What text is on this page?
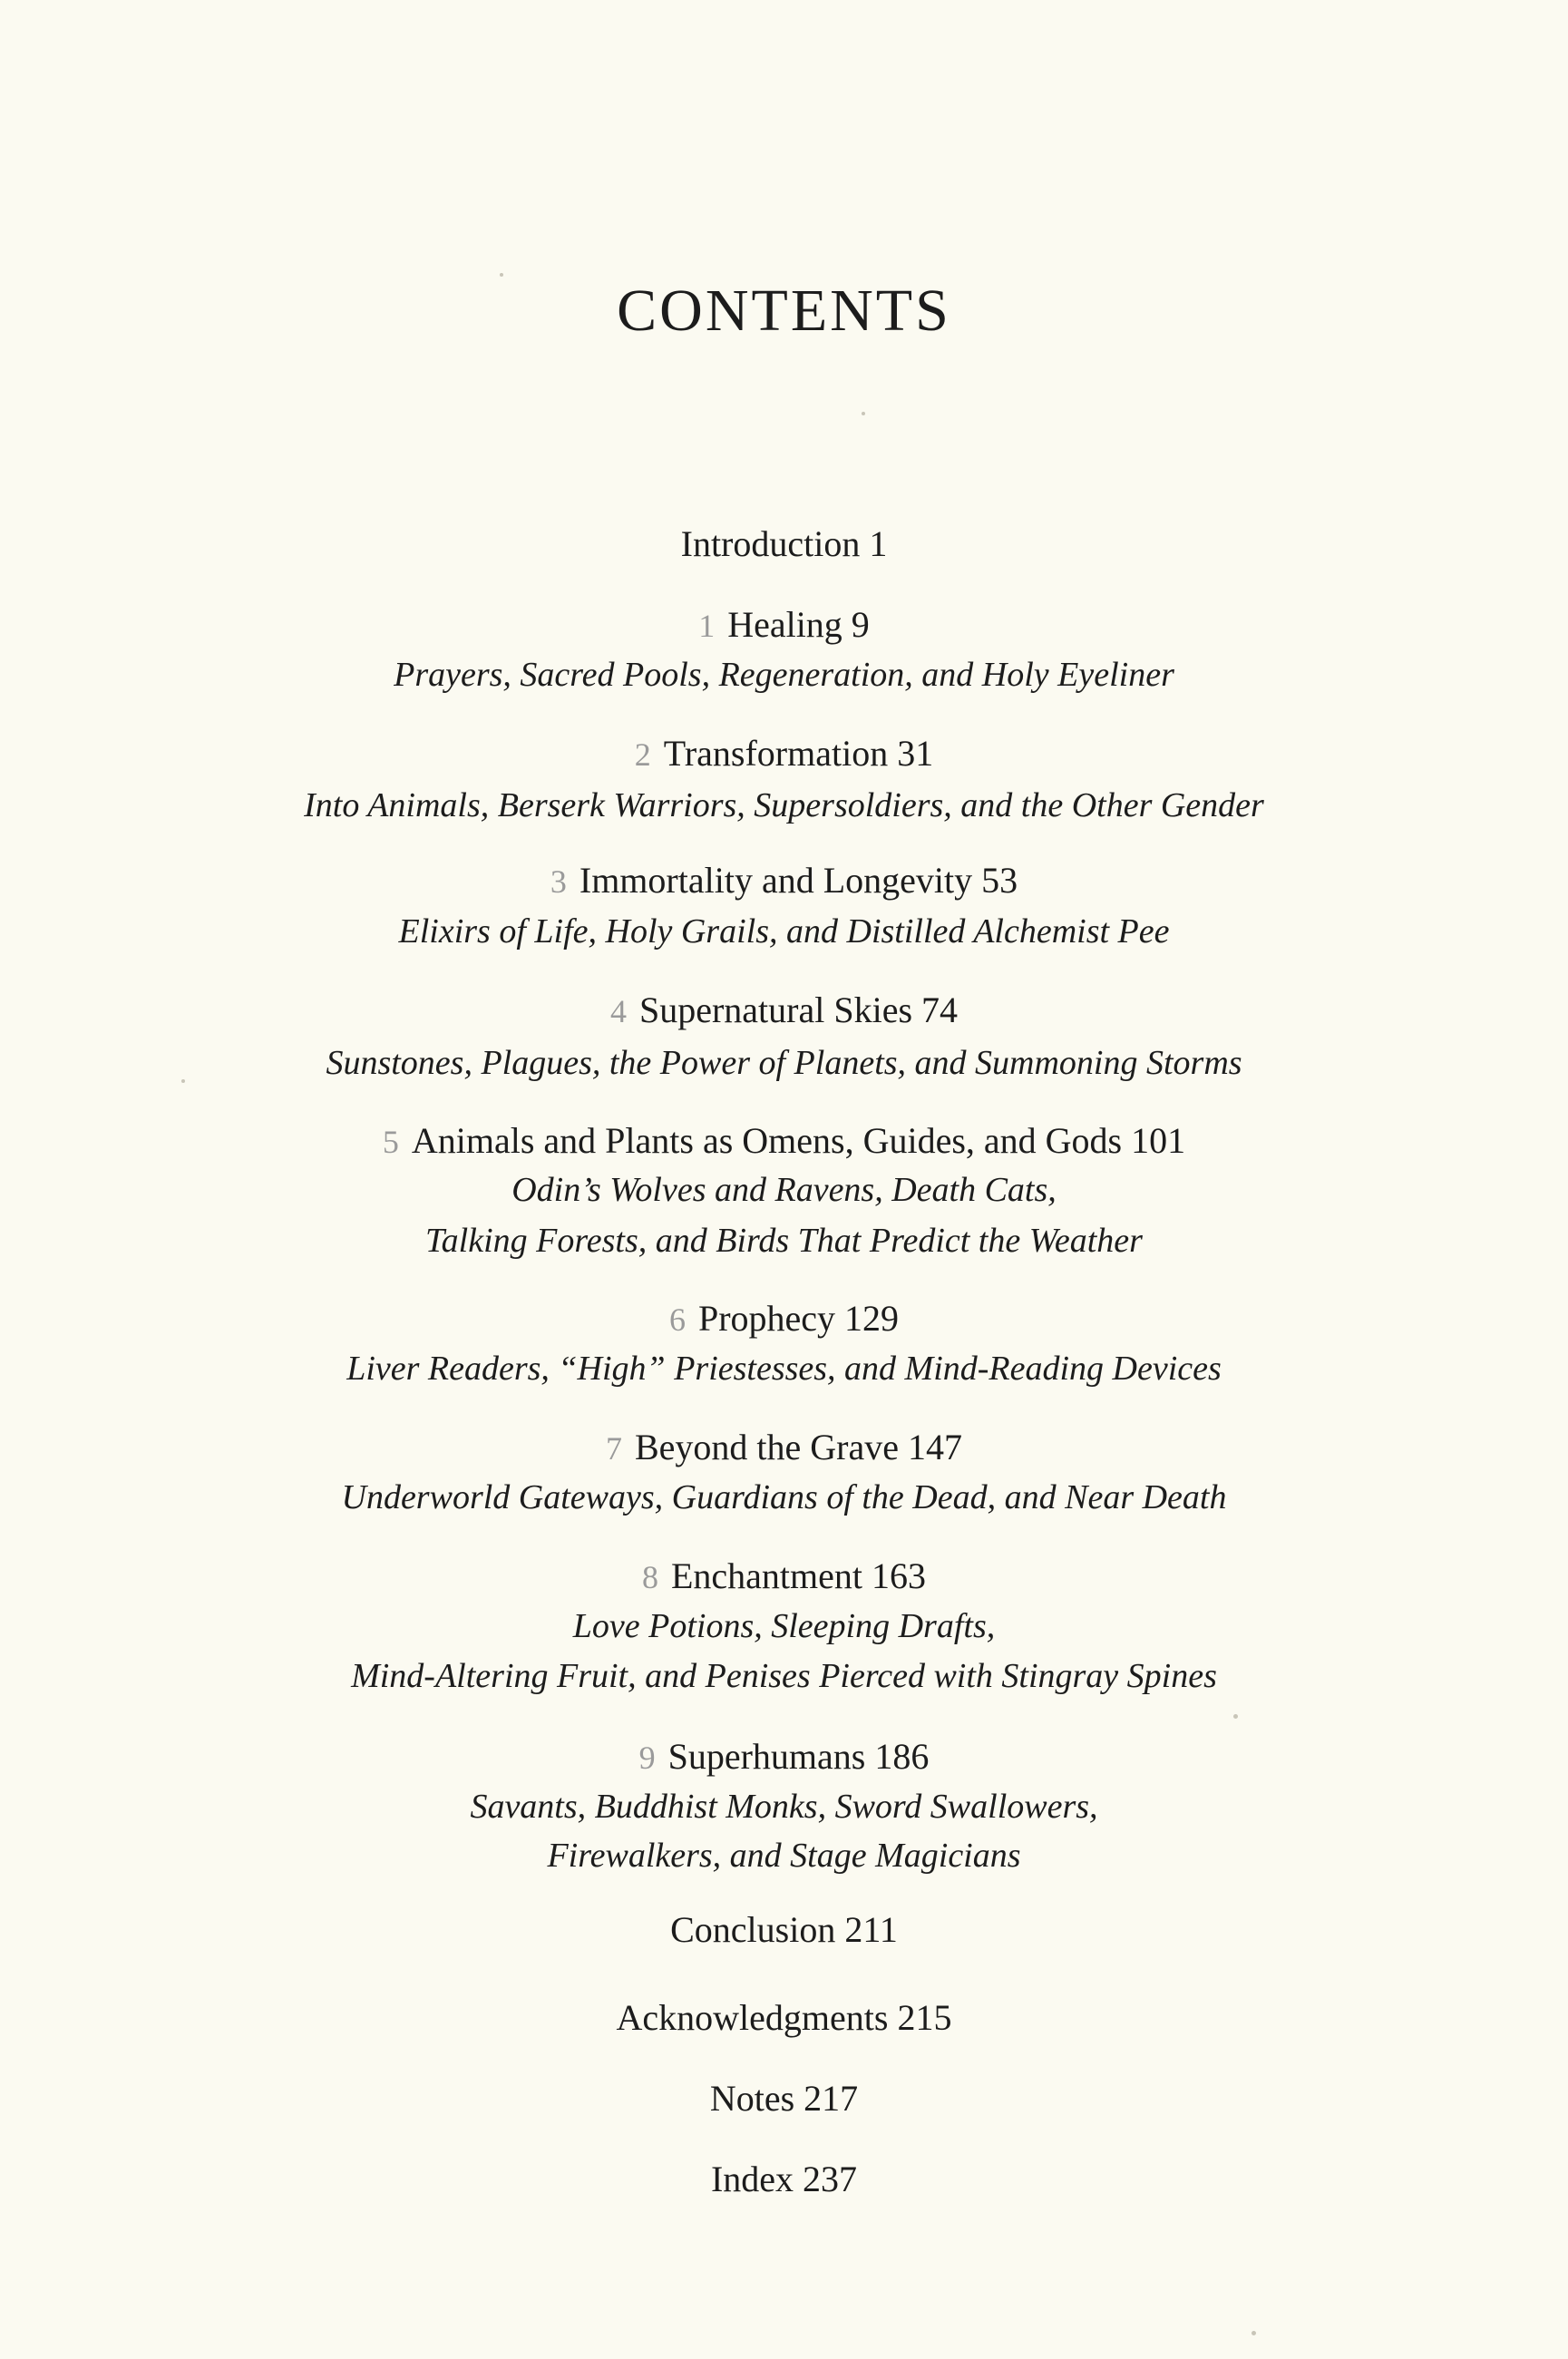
CONTENTS
Introduction 1
1 Healing 9
Prayers, Sacred Pools, Regeneration, and Holy Eyeliner
2 Transformation 31
Into Animals, Berserk Warriors, Supersoldiers, and the Other Gender
3 Immortality and Longevity 53
Elixirs of Life, Holy Grails, and Distilled Alchemist Pee
4 Supernatural Skies 74
Sunstones, Plagues, the Power of Planets, and Summoning Storms
5 Animals and Plants as Omens, Guides, and Gods 101
Odin’s Wolves and Ravens, Death Cats,
Talking Forests, and Birds That Predict the Weather
6 Prophecy 129
Liver Readers, “High” Priestesses, and Mind-Reading Devices
7 Beyond the Grave 147
Underworld Gateways, Guardians of the Dead, and Near Death
8 Enchantment 163
Love Potions, Sleeping Drafts,
Mind-Altering Fruit, and Penises Pierced with Stingray Spines
9 Superhumans 186
Savants, Buddhist Monks, Sword Swallowers,
Firewalkers, and Stage Magicians
Conclusion 211
Acknowledgments 215
Notes 217
Index 237
